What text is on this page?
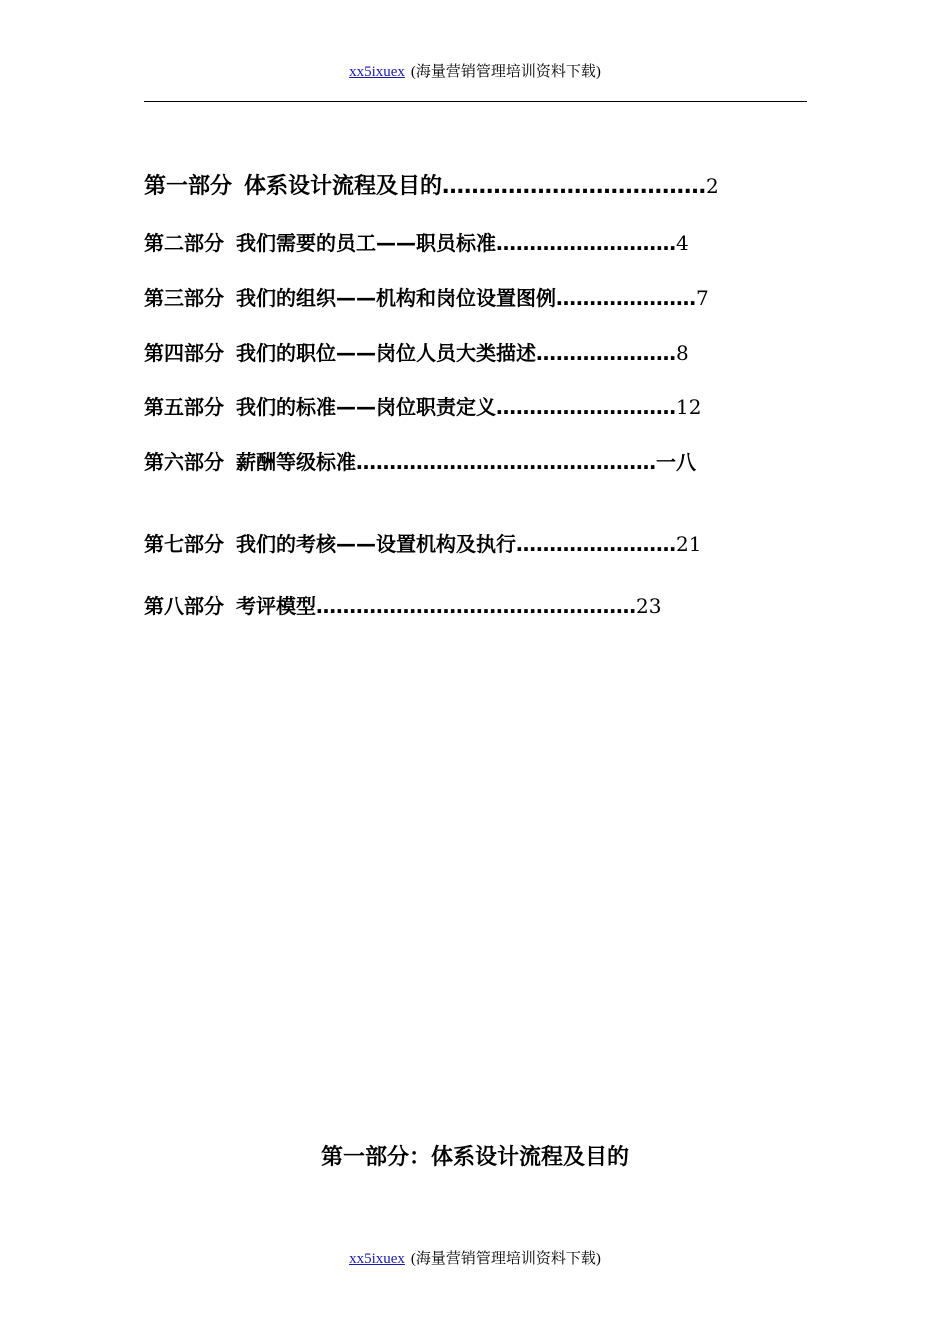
xx5ixuex (海量营销管理培训资料下载)
第一部分 体系设计流程及目的………………………………2
第二部分 我们需要的员工——职员标准………………………4
第三部分 我们的组织——机构和岗位设置图例…………………7
第四部分 我们的职位——岗位人员大类描述…………………8
第五部分 我们的标准——岗位职责定义………………………12
第六部分 薪酬等级标准………………………………………一八
第七部分 我们的考核——设置机构及执行……………………21
第八部分 考评模型…………………………………………23
第一部分：体系设计流程及目的
xx5ixuex (海量营销管理培训资料下载)
